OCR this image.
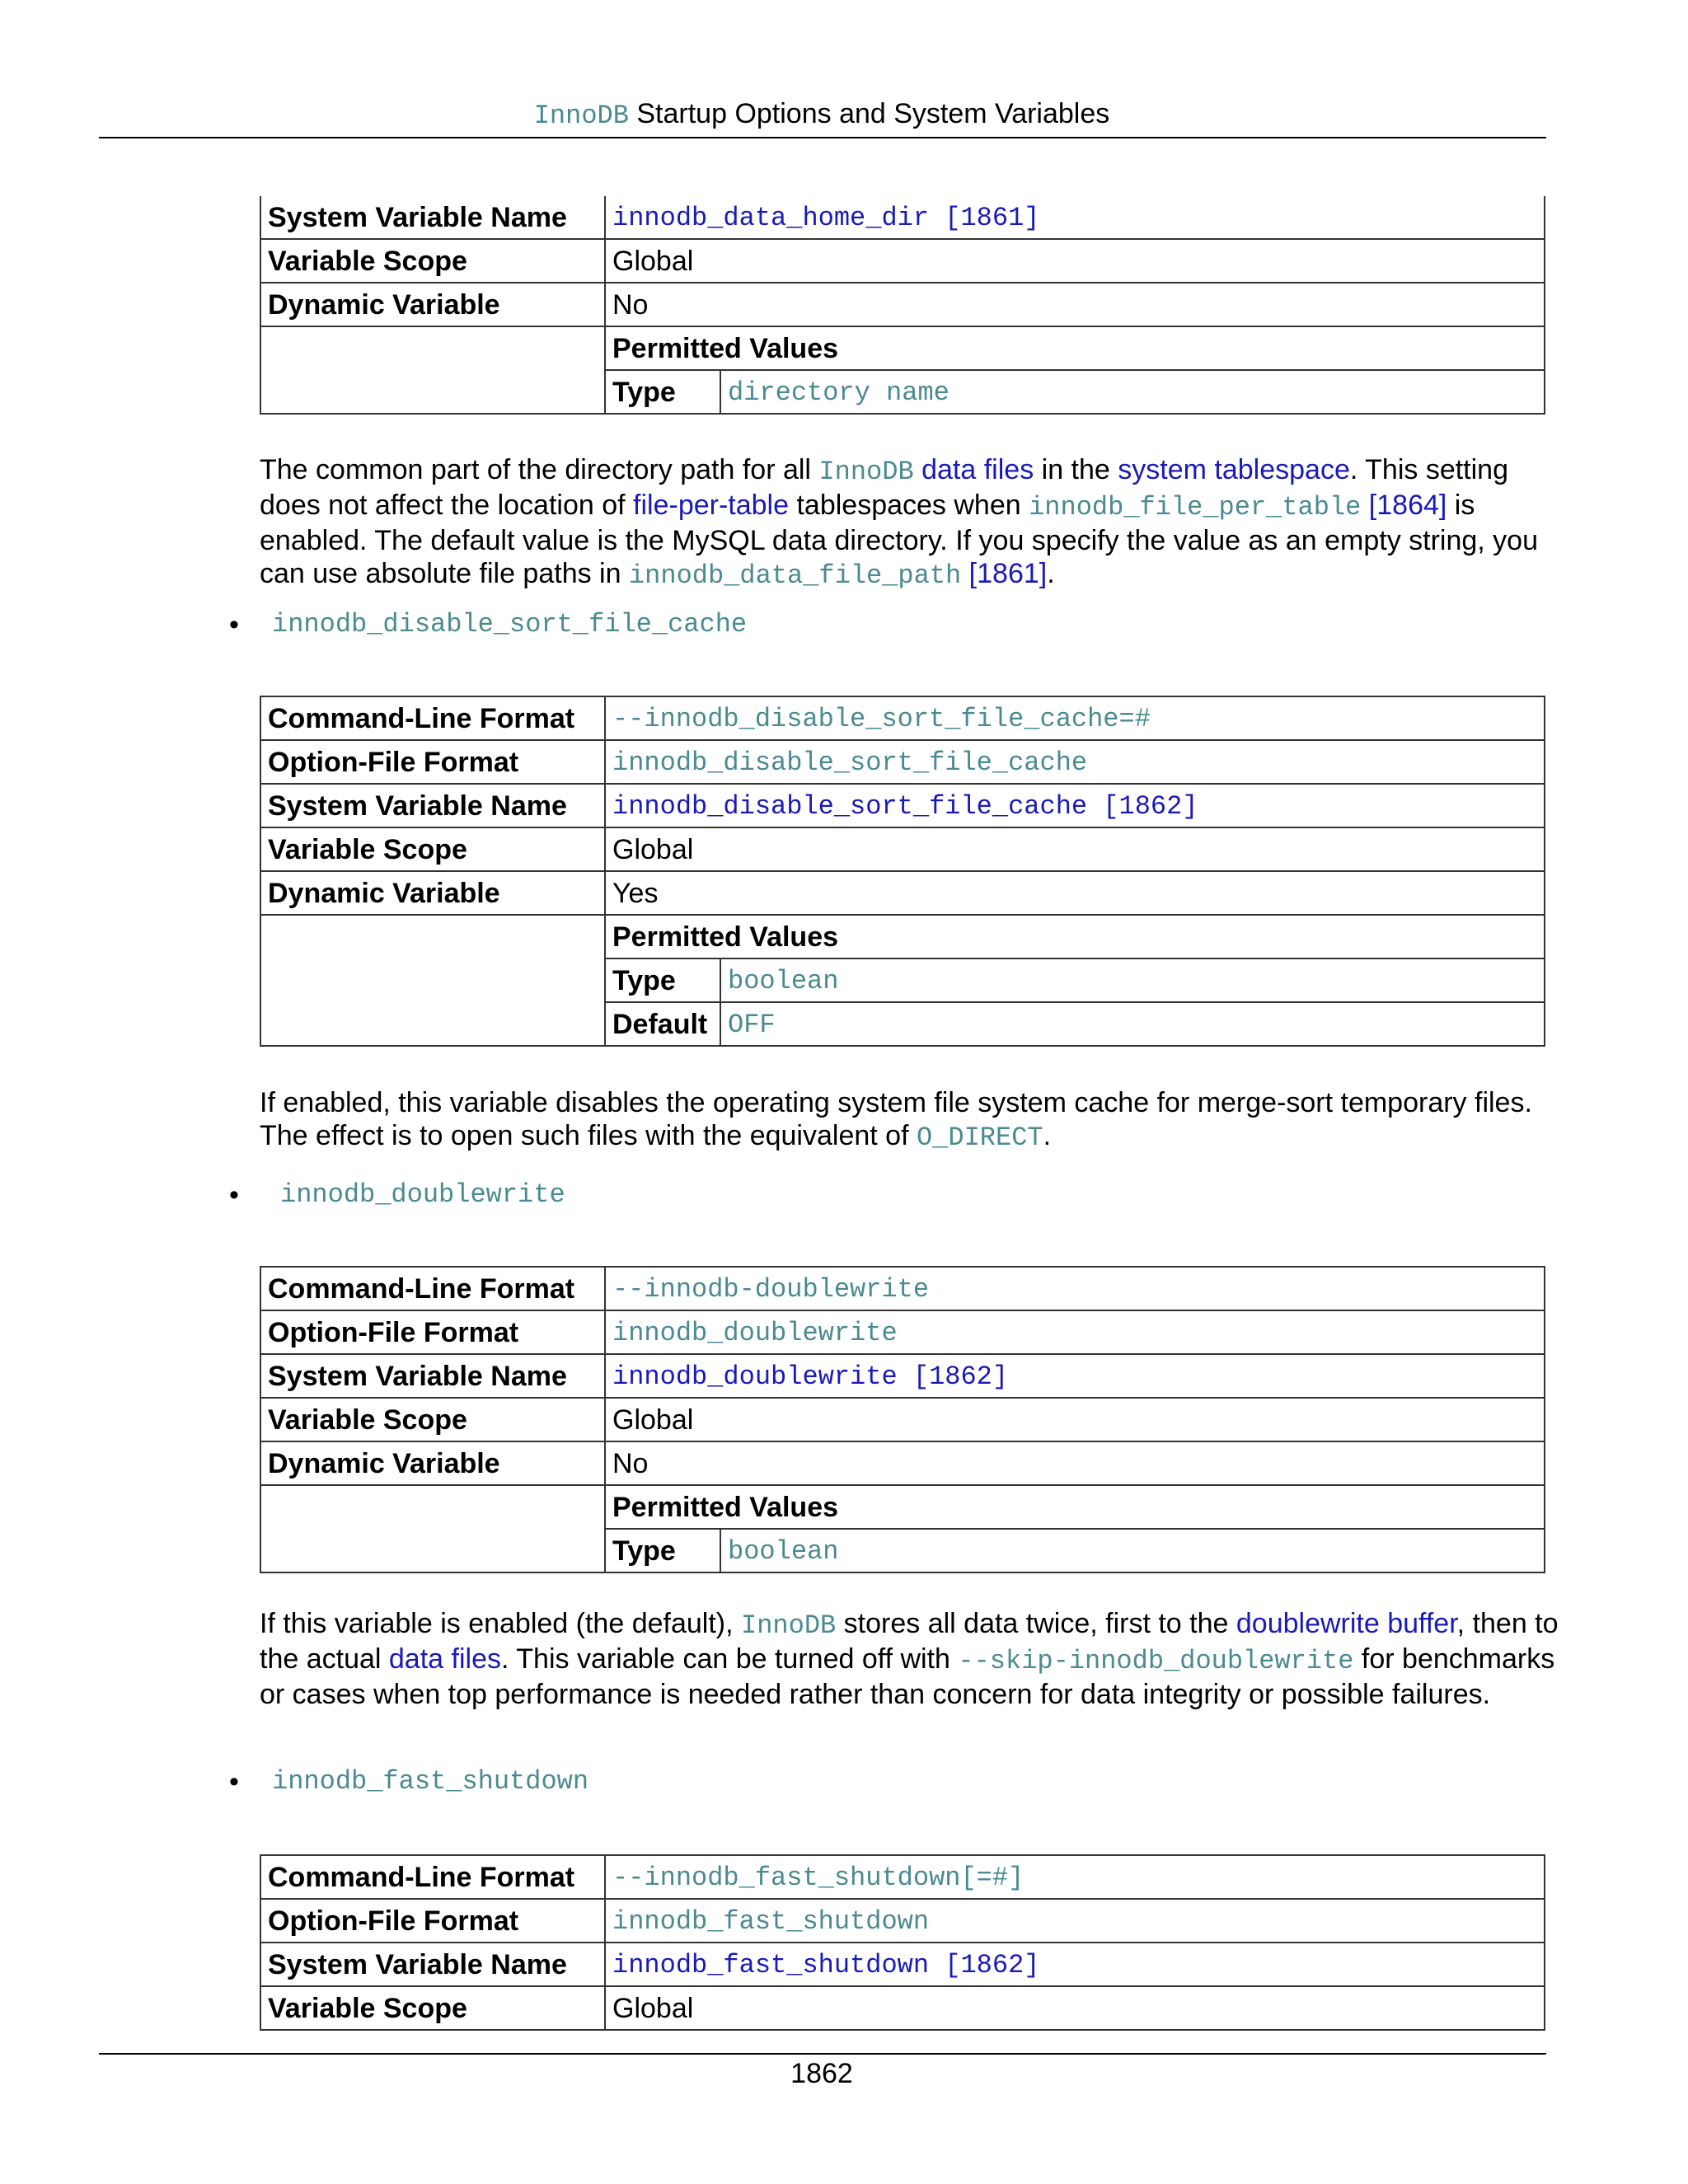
InnoDB Startup Options and System Variables
System Variable Name	innodb_data_home_dir [1861]	
Variable Scope	Global	
Dynamic Variable	No	
	Permitted Values	
	Type	directory name

The common part of the directory path for all InnoDB data files in the system tablespace. This setting does not affect the location of file-per-table tablespaces when innodb_file_per_table [1864] is enabled. The default value is the MySQL data directory. If you specify the value as an empty string, you can use absolute file paths in innodb_data_file_path [1861].

• innodb_disable_sort_file_cache
Command-Line Format	--innodb_disable_sort_file_cache=#	
Option-File Format	innodb_disable_sort_file_cache	
System Variable Name	innodb_disable_sort_file_cache [1862]	
Variable Scope	Global	
Dynamic Variable	Yes	
	Permitted Values	
	Type	boolean
	Default	OFF

If enabled, this variable disables the operating system file system cache for merge-sort temporary files. The effect is to open such files with the equivalent of O_DIRECT.

• innodb_doublewrite
Command-Line Format	--innodb-doublewrite	
Option-File Format	innodb_doublewrite	
System Variable Name	innodb_doublewrite [1862]	
Variable Scope	Global	
Dynamic Variable	No	
	Permitted Values	
	Type	boolean

If this variable is enabled (the default), InnoDB stores all data twice, first to the doublewrite buffer, then to the actual data files. This variable can be turned off with --skip-innodb_doublewrite for benchmarks or cases when top performance is needed rather than concern for data integrity or possible failures.

• innodb_fast_shutdown
Command-Line Format	--innodb_fast_shutdown[=#]
Option-File Format	innodb_fast_shutdown
System Variable Name	innodb_fast_shutdown [1862]
Variable Scope	Global
1862
